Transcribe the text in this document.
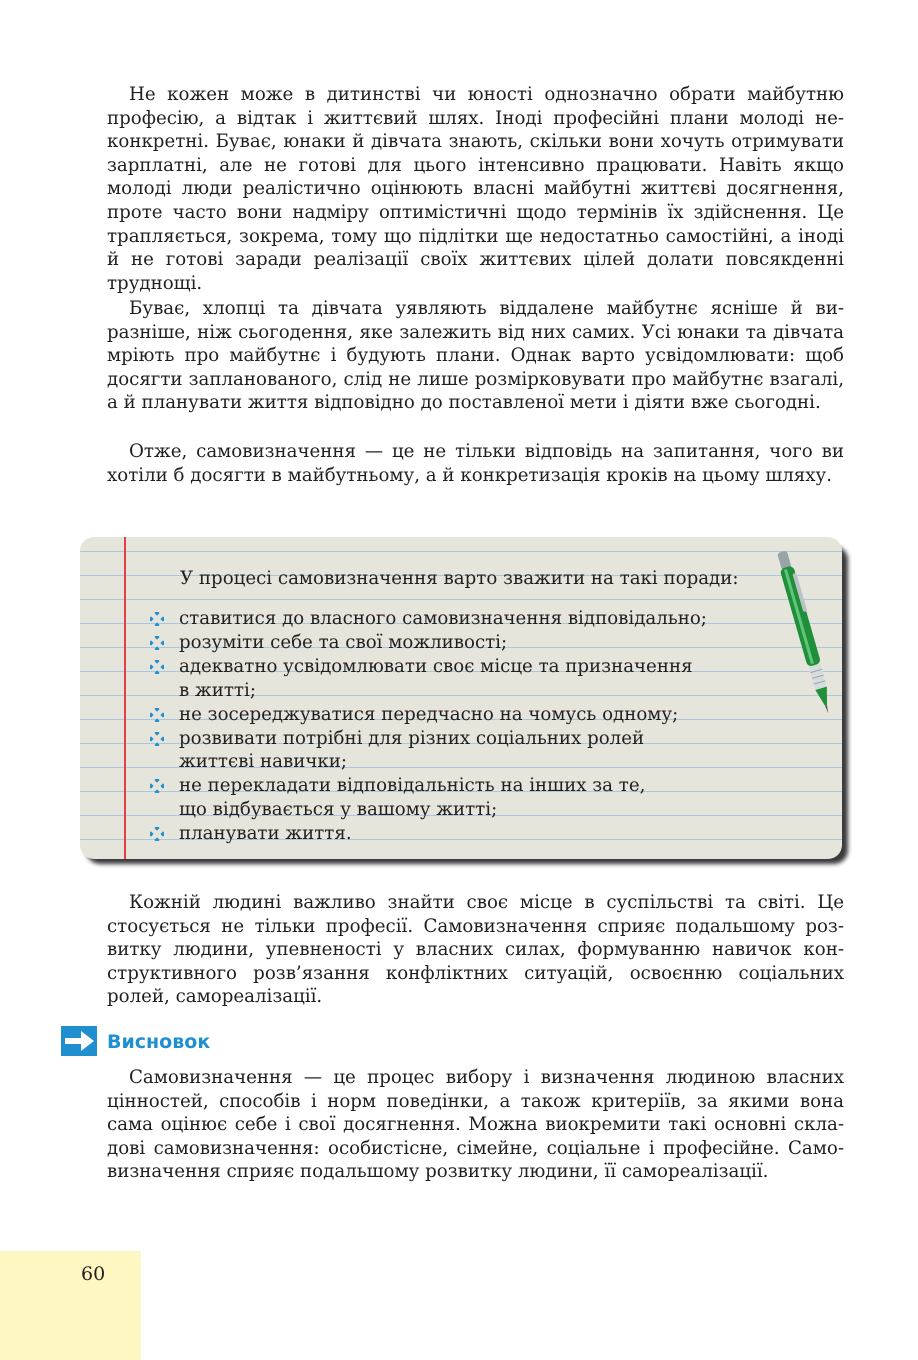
Не кожен може в дитинстві чи юності однозначно обрати майбутню професію, а відтак і життєвий шлях. Іноді професійні плани молоді неконкретні. Буває, юнаки й дівчата знають, скільки вони хочуть отримувати зарплатні, але не готові для цього інтенсивно працювати. Навіть якщо молоді люди реалістично оцінюють власні майбутні життєві досягнення, проте часто вони надміру оптимістичні щодо термінів їх здійснення. Це трапляється, зокрема, тому що підлітки ще недостатньо самостійні, а іноді й не готові заради реалізації своїх життєвих цілей долати повсякденні труднощі.

Буває, хлопці та дівчата уявляють віддалене майбутнє ясніше й виразніше, ніж сьогодення, яке залежить від них самих. Усі юнаки та дівчата мріють про майбутнє і будують плани. Однак варто усвідомлювати: щоб досягти запланованого, слід не лише розмірковувати про майбутнє взагалі, а й планувати життя відповідно до поставленої мети і діяти вже сьогодні.

Отже, самовизначення — це не тільки відповідь на запитання, чого ви хотіли б досягти в майбутньому, а й конкретизація кроків на цьому шляху.

У процесі самовизначення варто зважити на такі поради:
ставитися до власного самовизначення відповідально;
розуміти себе та свої можливості;
адекватно усвідомлювати своє місце та призначення
в житті;
не зосереджуватися передчасно на чомусь одному;
розвивати потрібні для різних соціальних ролей
життєві навички;
не перекладати відповідальність на інших за те,
що відбувається у вашому житті;
планувати життя.

Кожній людині важливо знайти своє місце в суспільстві та світі. Це стосується не тільки професії. Самовизначення сприяє подальшому розвитку людини, упевненості у власних силах, формуванню навичок конструктивного розв’язання конфліктних ситуацій, освоєнню соціальних ролей, самореалізації.

Висновок

Самовизначення — це процес вибору і визначення людиною власних цінностей, способів і норм поведінки, а також критеріїв, за якими вона сама оцінює себе і свої досягнення. Можна виокремити такі основні складові самовизначення: особистісне, сімейне, соціальне і професійне. Самовизначення сприяє подальшому розвитку людини, її самореалізації.

60
